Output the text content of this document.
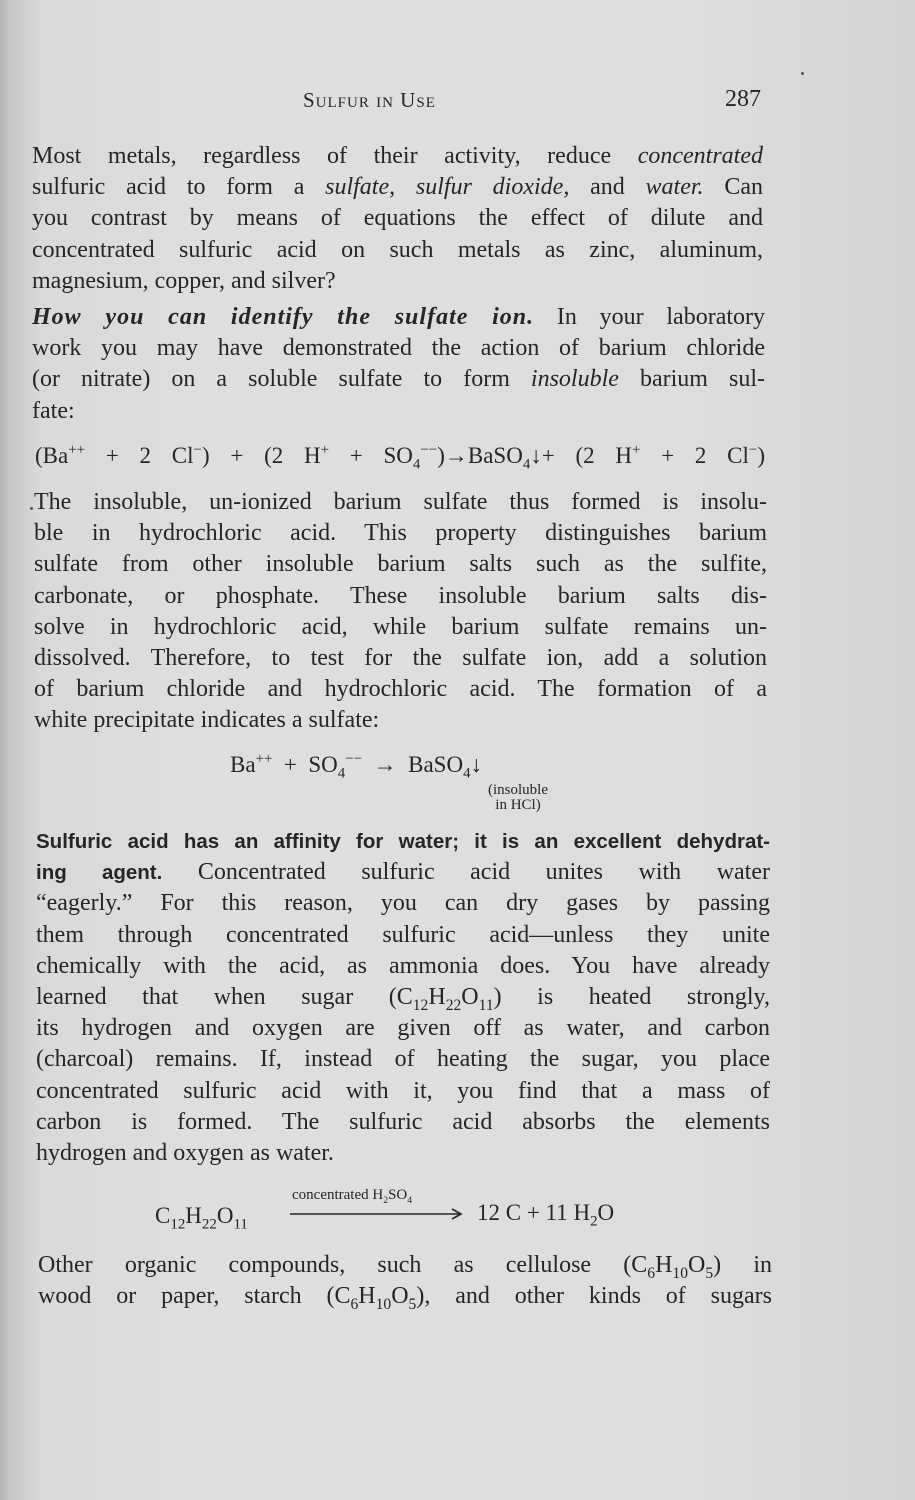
Sulfur in Use	287
Most metals, regardless of their activity, reduce concentrated
sulfuric acid to form a sulfate, sulfur dioxide, and water. Can
you contrast by means of equations the effect of dilute and
concentrated sulfuric acid on such metals as zinc, aluminum,
magnesium, copper, and silver?
How you can identify the sulfate ion. In your laboratory
work you may have demonstrated the action of barium chloride
(or nitrate) on a soluble sulfate to form insoluble barium sul-
fate:
(Ba++ + 2 Cl−) + (2 $H^+ + SO_4^{--})\to BaSO_4↓+ (2$ H+ + 2 Cl−)
The insoluble, un-ionized barium sulfate thus formed is insolu-
ble in hydrochloric acid. This property distinguishes barium
sulfate from other insoluble barium salts such as the sulfite,
carbonate, or phosphate. These insoluble barium salts dis-
solve in hydrochloric acid, while barium sulfate remains un-
dissolved. Therefore, to test for the sulfate ion, add a solution
of barium chloride and hydrochloric acid. The formation of a
white precipitate indicates a sulfate:
$Ba^{++} + SO_4^{--}$  →  BaSO$_4$↓
(insoluble
in HCl)
Sulfuric acid has an affinity for water; it is an excellent dehydrat-
ing agent. Concentrated sulfuric acid unites with water
“eagerly.” For this reason, you can dry gases by passing
them through concentrated sulfuric acid—unless they unite
chemically with the acid, as ammonia does. You have already
learned that when sugar $(C_{12}H_{22}O_{11})$ is heated strongly,
its hydrogen and oxygen are given off as water, and carbon
(charcoal) remains. If, instead of heating the sugar, you place
concentrated sulfuric acid with it, you find that a mass of
carbon is formed. The sulfuric acid absorbs the elements
hydrogen and oxygen as water.
$C_{12}H_{22}O_{11}$
concentrated $H_2SO_4$	12 C + 11 $H_2O$
Other organic compounds, such as cellulose $(C_6H_{10}O_5)$ in
wood or paper, starch $(C_6H_{10}O_5)$, and other kinds of sugars
